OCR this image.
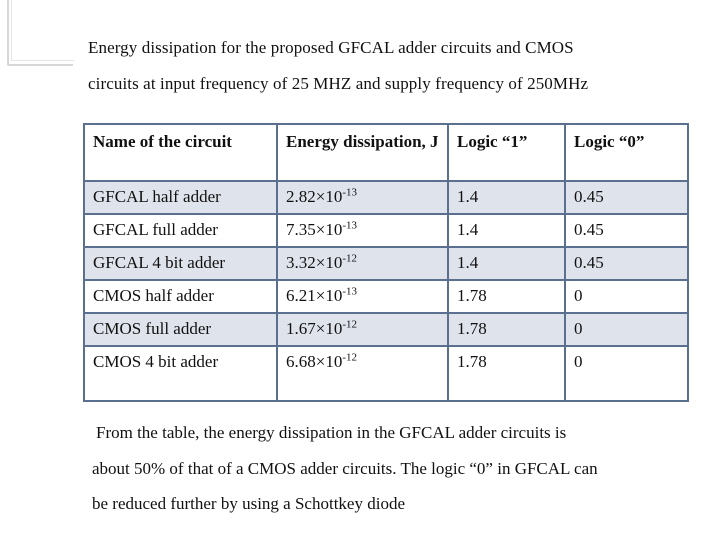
Energy dissipation for the proposed GFCAL adder circuits and CMOS
circuits at input frequency of 25 MHZ and supply frequency of 250MHz
Name of the circuit	Energy dissipation, J	Logic “1”	Logic “0”
GFCAL half adder	$2.82\times 10^{-13}$	1.4	0.45
GFCAL full adder	$7.35\times 10^{-13}$	1.4	0.45
GFCAL 4 bit adder	$3.32\times 10^{-12}$	1.4	0.45
CMOS half adder	$6.21\times 10^{-13}$	1.78	0
CMOS full adder	$1.67\times 10^{-12}$	1.78	0
CMOS 4 bit adder	$6.68\times 10^{-12}$	1.78	0
From the table, the energy dissipation in the GFCAL adder circuits is
about 50% of that of a CMOS adder circuits. The logic “0” in GFCAL can
be reduced further by using a Schottkey diode
